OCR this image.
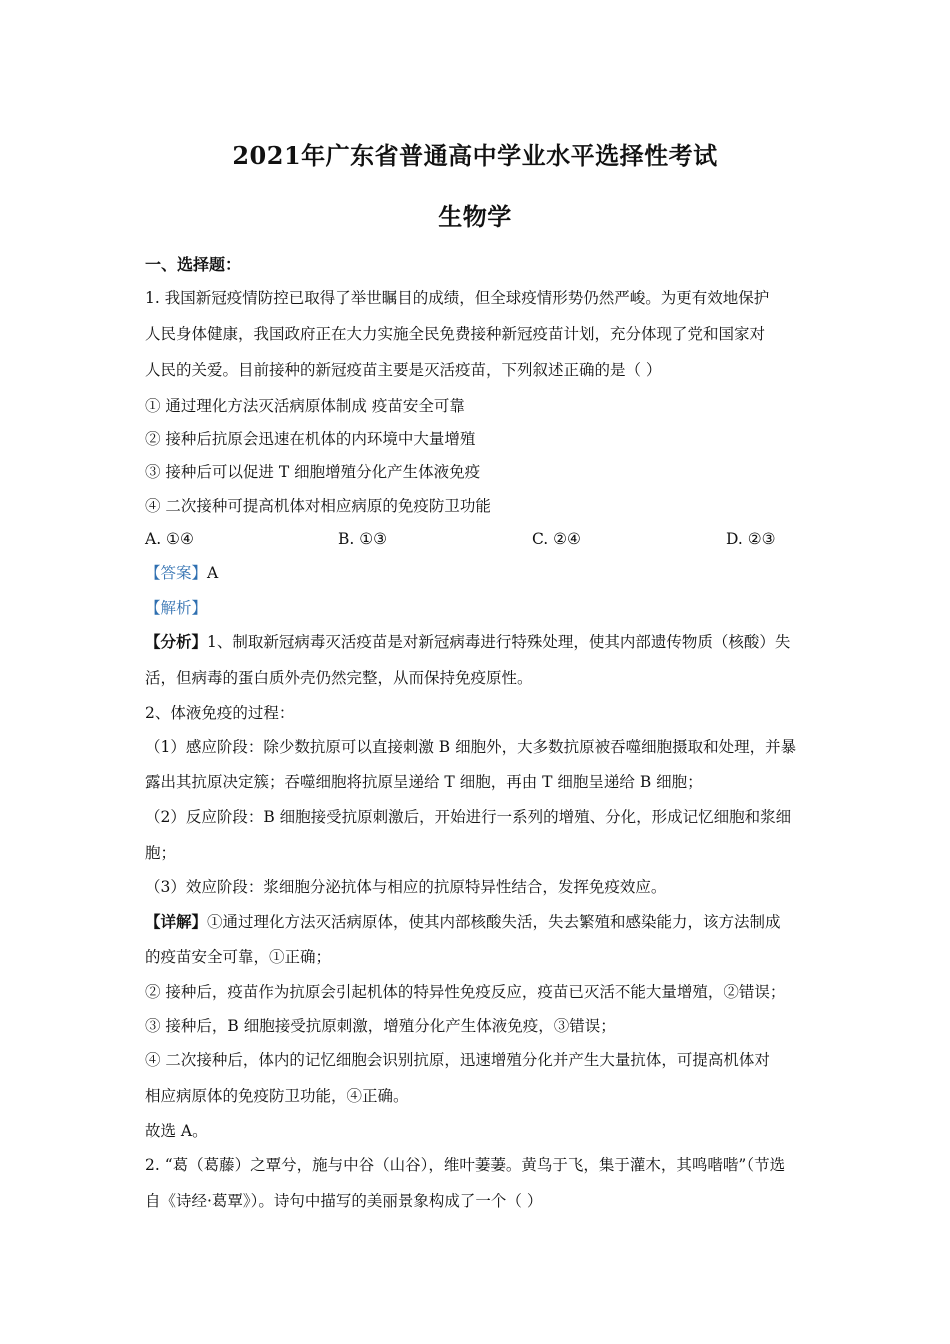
2021年广东省普通高中学业水平选择性考试
生物学
一、选择题：
1. 我国新冠疫情防控已取得了举世瞩目的成绩，但全球疫情形势仍然严峻。为更有效地保护
人民身体健康，我国政府正在大力实施全民免费接种新冠疫苗计划，充分体现了党和国家对
人民的关爱。目前接种的新冠疫苗主要是灭活疫苗，下列叙述正确的是（ ）
① 通过理化方法灭活病原体制成 疫苗安全可靠
② 接种后抗原会迅速在机体的内环境中大量增殖
③ 接种后可以促进 T 细胞增殖分化产生体液免疫
④ 二次接种可提高机体对相应病原的免疫防卫功能
A. ①④	B. ①③	C. ②④	D. ②③
【答案】A
【解析】
【分析】1、制取新冠病毒灭活疫苗是对新冠病毒进行特殊处理，使其内部遗传物质（核酸）失
活，但病毒的蛋白质外壳仍然完整，从而保持免疫原性。
2、体液免疫的过程：
（1）感应阶段：除少数抗原可以直接刺激 B 细胞外，大多数抗原被吞噬细胞摄取和处理，并暴
露出其抗原决定簇；吞噬细胞将抗原呈递给 T 细胞，再由 T 细胞呈递给 B 细胞；
（2）反应阶段：B 细胞接受抗原刺激后，开始进行一系列的增殖、分化，形成记忆细胞和浆细
胞；
（3）效应阶段：浆细胞分泌抗体与相应的抗原特异性结合，发挥免疫效应。
【详解】①通过理化方法灭活病原体，使其内部核酸失活，失去繁殖和感染能力，该方法制成
的疫苗安全可靠，①正确；
② 接种后，疫苗作为抗原会引起机体的特异性免疫反应，疫苗已灭活不能大量增殖，②错误；
③ 接种后，B 细胞接受抗原刺激，增殖分化产生体液免疫，③错误；
④ 二次接种后，体内的记忆细胞会识别抗原，迅速增殖分化并产生大量抗体，可提高机体对
相应病原体的免疫防卫功能，④正确。
故选 A。
2. “葛（葛藤）之覃兮，施与中谷（山谷），维叶萋萋。黄鸟于飞，集于灌木，其鸣喈喈”（节选
自《诗经·葛覃》）。诗句中描写的美丽景象构成了一个（ ）
